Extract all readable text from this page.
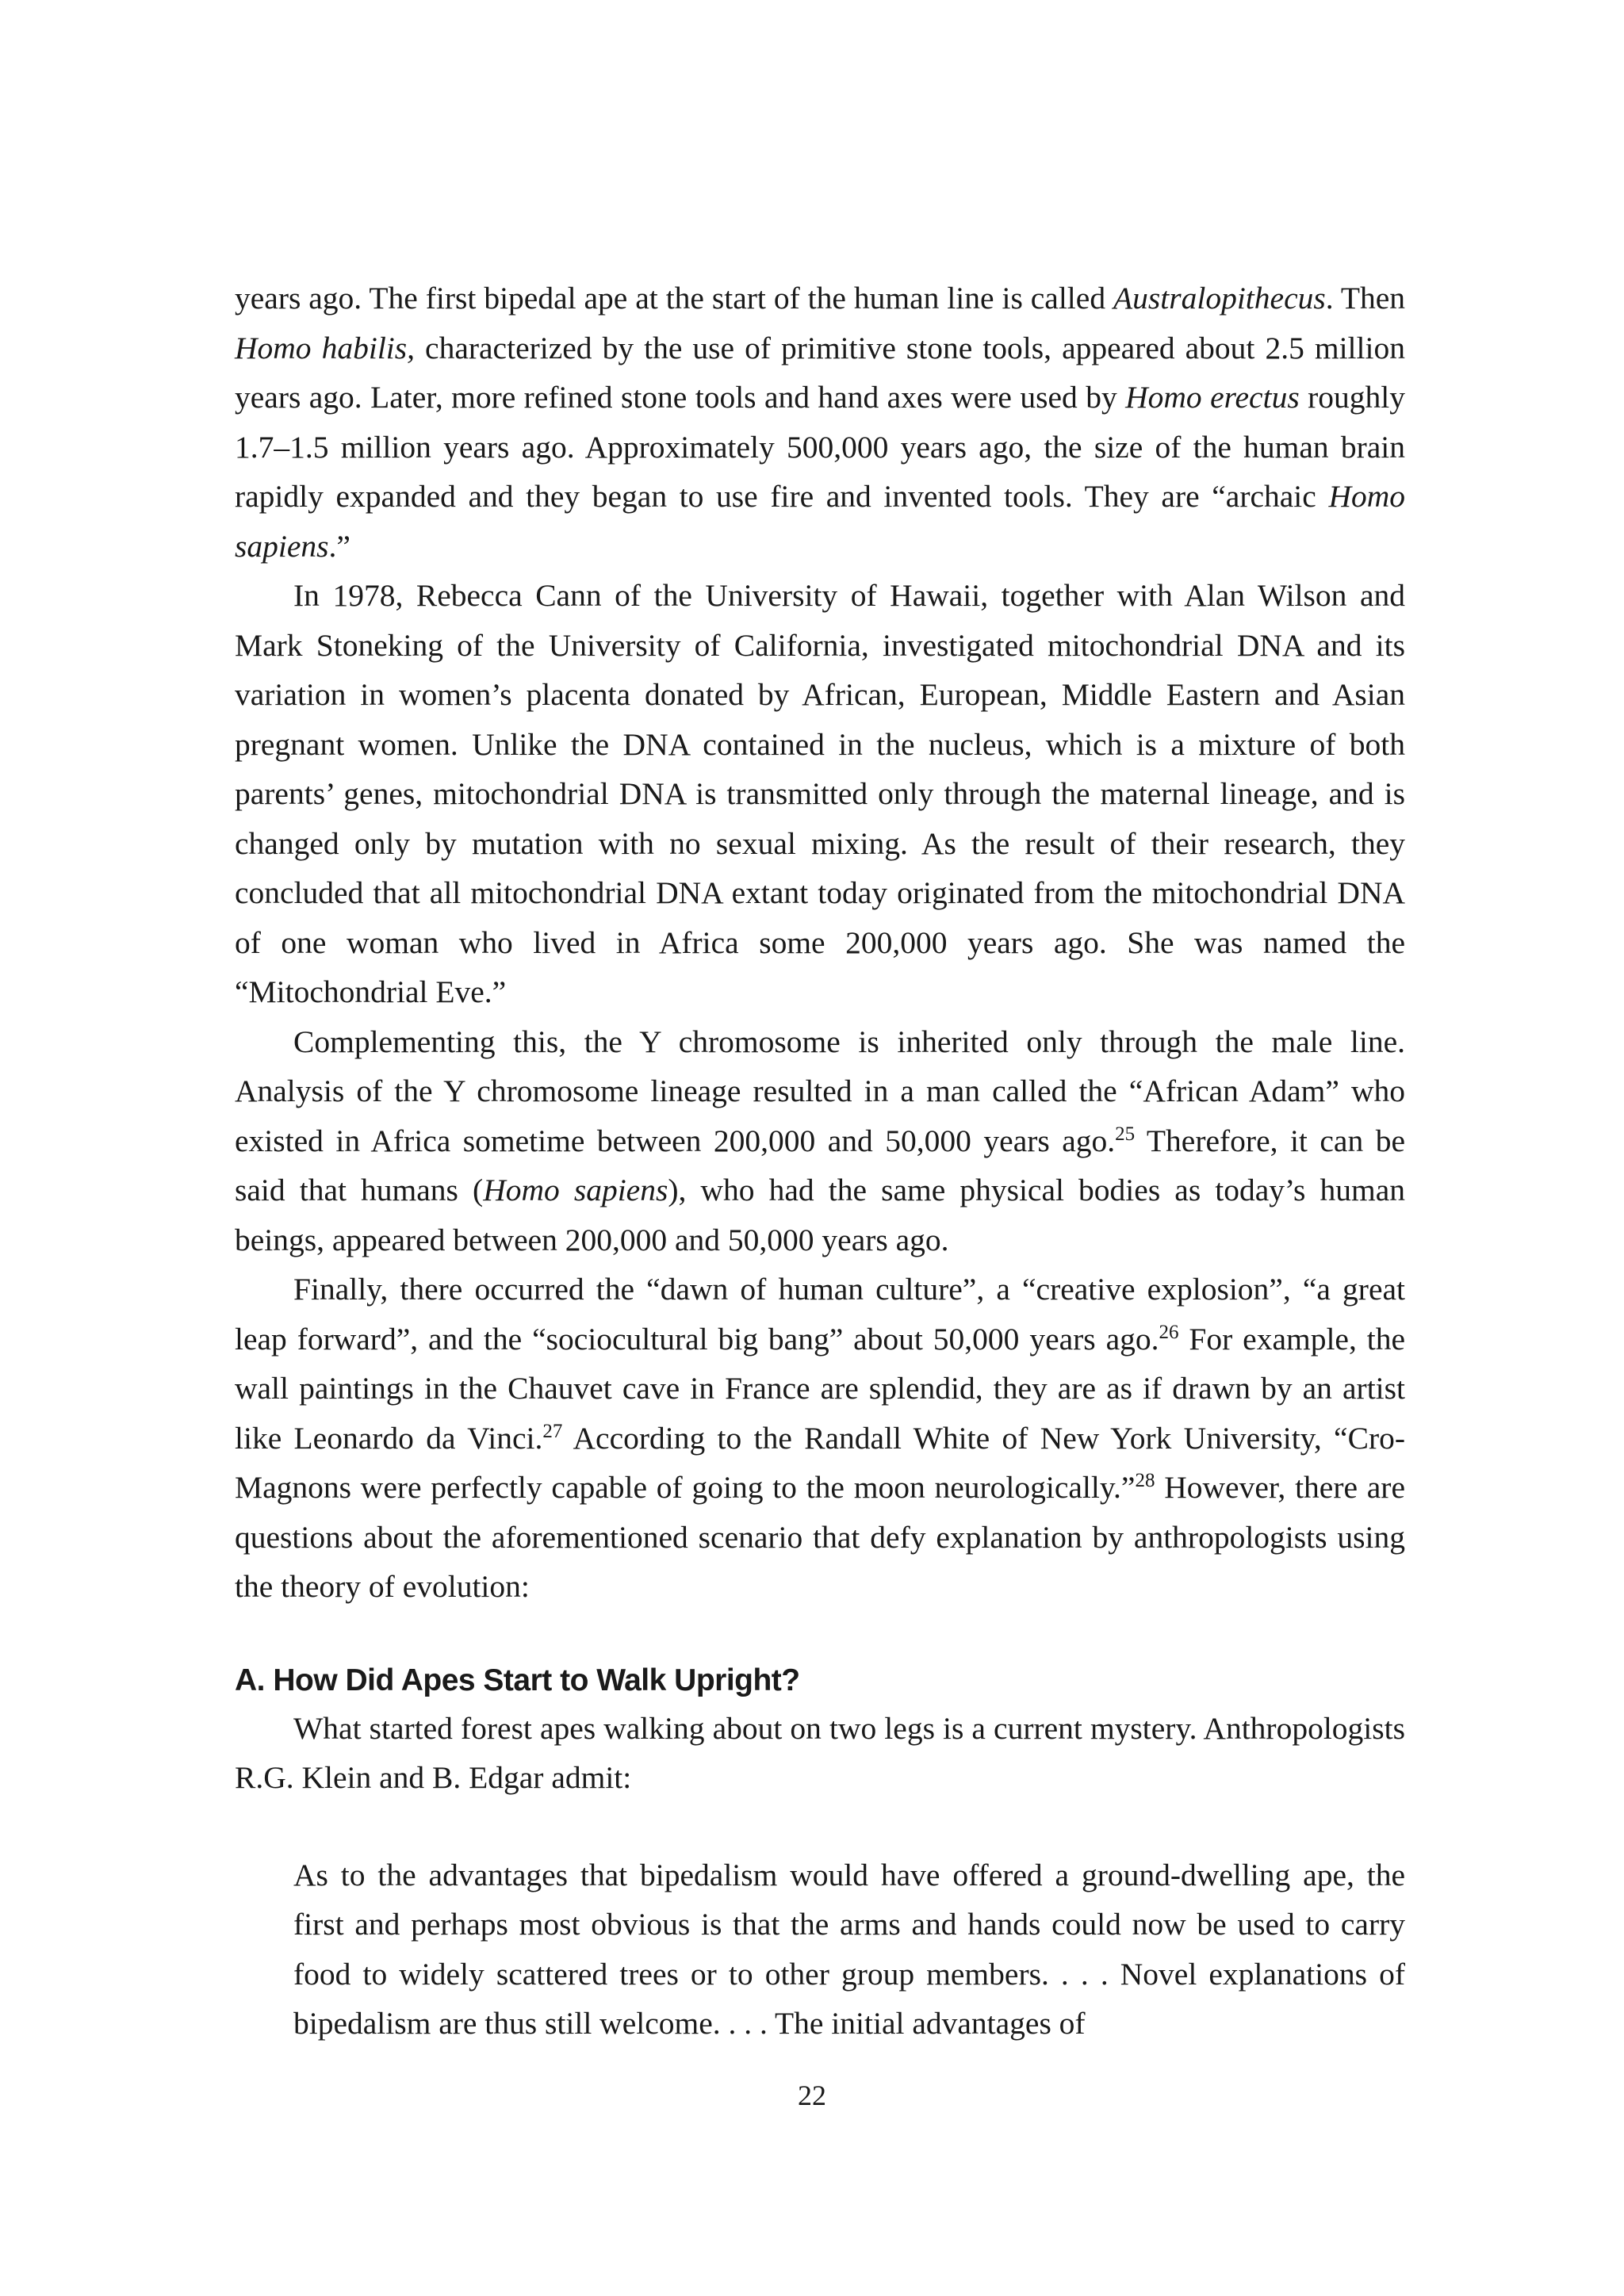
years ago. The first bipedal ape at the start of the human line is called Australopithecus. Then Homo habilis, characterized by the use of primitive stone tools, appeared about 2.5 million years ago. Later, more refined stone tools and hand axes were used by Homo erectus roughly 1.7–1.5 million years ago. Approximately 500,000 years ago, the size of the human brain rapidly expanded and they began to use fire and invented tools. They are “archaic Homo sapiens.”

In 1978, Rebecca Cann of the University of Hawaii, together with Alan Wilson and Mark Stoneking of the University of California, investigated mitochondrial DNA and its variation in women’s placenta donated by African, European, Middle Eastern and Asian pregnant women. Unlike the DNA contained in the nucleus, which is a mixture of both parents’ genes, mitochondrial DNA is transmitted only through the maternal lineage, and is changed only by mutation with no sexual mixing. As the result of their research, they concluded that all mitochondrial DNA extant today originated from the mitochondrial DNA of one woman who lived in Africa some 200,000 years ago. She was named the “Mitochondrial Eve.”

Complementing this, the Y chromosome is inherited only through the male line. Analysis of the Y chromosome lineage resulted in a man called the “African Adam” who existed in Africa sometime between 200,000 and 50,000 years ago.$^{25}$ Therefore, it can be said that humans (Homo sapiens), who had the same physical bodies as today’s human beings, appeared between 200,000 and 50,000 years ago.

Finally, there occurred the “dawn of human culture”, a “creative explosion”, “a great leap forward”, and the “sociocultural big bang” about 50,000 years ago.$^{26}$ For example, the wall paintings in the Chauvet cave in France are splendid, they are as if drawn by an artist like Leonardo da Vinci.$^{27}$ According to the Randall White of New York University, “Cro-Magnons were perfectly capable of going to the moon neurologically.”$^{28}$ However, there are questions about the aforementioned scenario that defy explanation by anthropologists using the theory of evolution:

A. How Did Apes Start to Walk Upright?

What started forest apes walking about on two legs is a current mystery. Anthropologists R.G. Klein and B. Edgar admit:

As to the advantages that bipedalism would have offered a ground-dwelling ape, the first and perhaps most obvious is that the arms and hands could now be used to carry food to widely scattered trees or to other group members. . . . Novel explanations of bipedalism are thus still welcome. . . . The initial advantages of

22
